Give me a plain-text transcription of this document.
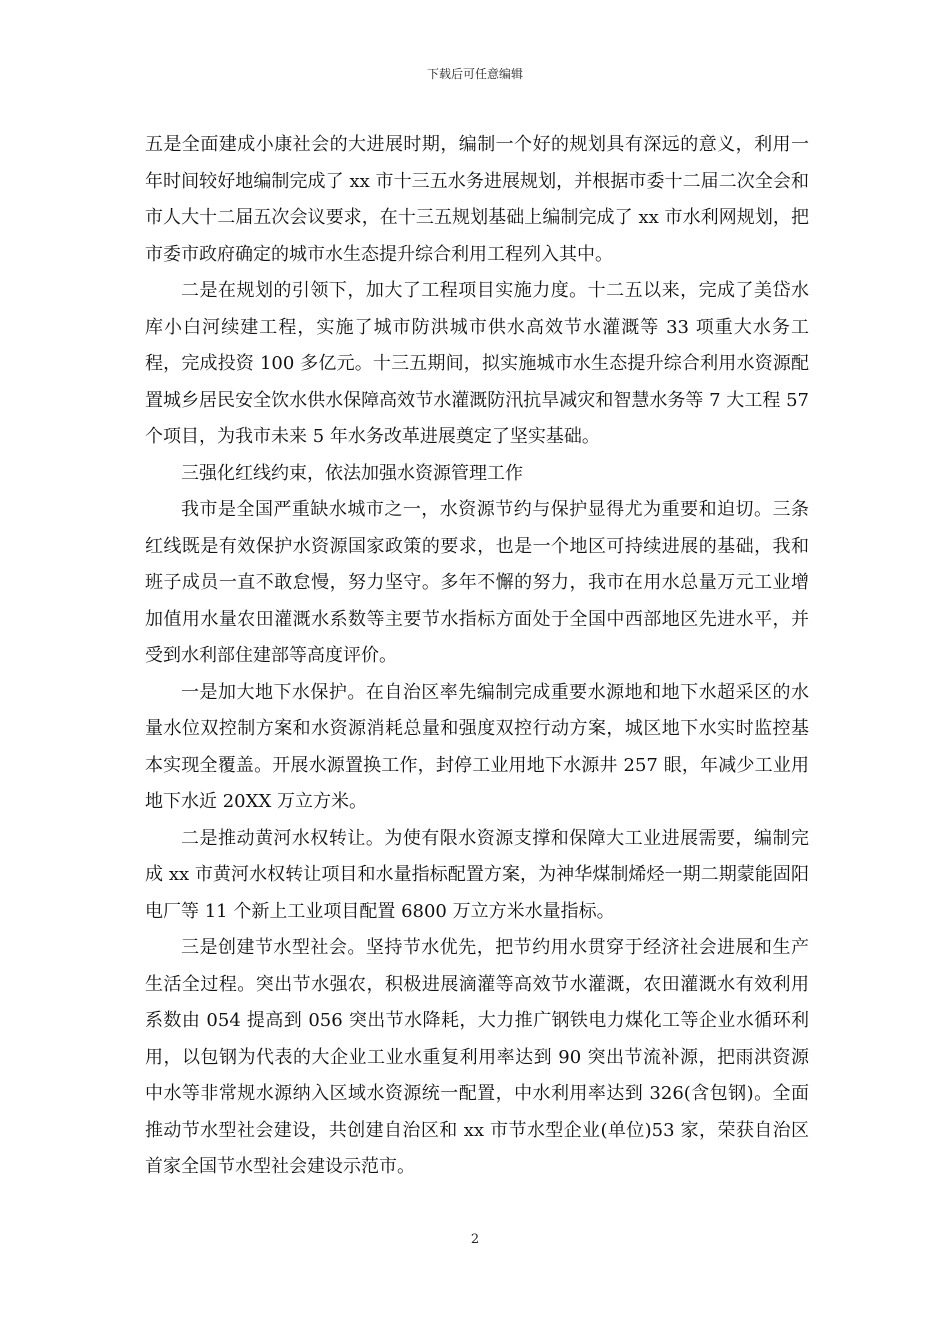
下载后可任意编辑

五是全面建成小康社会的大进展时期，编制一个好的规划具有深远的意义，利用一年时间较好地编制完成了 xx 市十三五水务进展规划，并根据市委十二届二次全会和市人大十二届五次会议要求，在十三五规划基础上编制完成了 xx 市水利网规划，把市委市政府确定的城市水生态提升综合利用工程列入其中。

二是在规划的引领下，加大了工程项目实施力度。十二五以来，完成了美岱水库小白河续建工程，实施了城市防洪城市供水高效节水灌溉等 33 项重大水务工程，完成投资 100 多亿元。十三五期间，拟实施城市水生态提升综合利用水资源配置城乡居民安全饮水供水保障高效节水灌溉防汛抗旱减灾和智慧水务等 7 大工程 57 个项目，为我市未来 5 年水务改革进展奠定了坚实基础。

三强化红线约束，依法加强水资源管理工作

我市是全国严重缺水城市之一，水资源节约与保护显得尤为重要和迫切。三条红线既是有效保护水资源国家政策的要求，也是一个地区可持续进展的基础，我和班子成员一直不敢怠慢，努力坚守。多年不懈的努力，我市在用水总量万元工业增加值用水量农田灌溉水系数等主要节水指标方面处于全国中西部地区先进水平，并受到水利部住建部等高度评价。

一是加大地下水保护。在自治区率先编制完成重要水源地和地下水超采区的水量水位双控制方案和水资源消耗总量和强度双控行动方案，城区地下水实时监控基本实现全覆盖。开展水源置换工作，封停工业用地下水源井 257 眼，年减少工业用地下水近 20XX 万立方米。

二是推动黄河水权转让。为使有限水资源支撑和保障大工业进展需要，编制完成 xx 市黄河水权转让项目和水量指标配置方案，为神华煤制烯烃一期二期蒙能固阳电厂等 11 个新上工业项目配置 6800 万立方米水量指标。

三是创建节水型社会。坚持节水优先，把节约用水贯穿于经济社会进展和生产生活全过程。突出节水强农，积极进展滴灌等高效节水灌溉，农田灌溉水有效利用系数由 054 提高到 056 突出节水降耗，大力推广钢铁电力煤化工等企业水循环利用，以包钢为代表的大企业工业水重复利用率达到 90 突出节流补源，把雨洪资源中水等非常规水源纳入区域水资源统一配置，中水利用率达到 326(含包钢)。全面推动节水型社会建设，共创建自治区和 xx 市节水型企业(单位)53 家，荣获自治区首家全国节水型社会建设示范市。

2
